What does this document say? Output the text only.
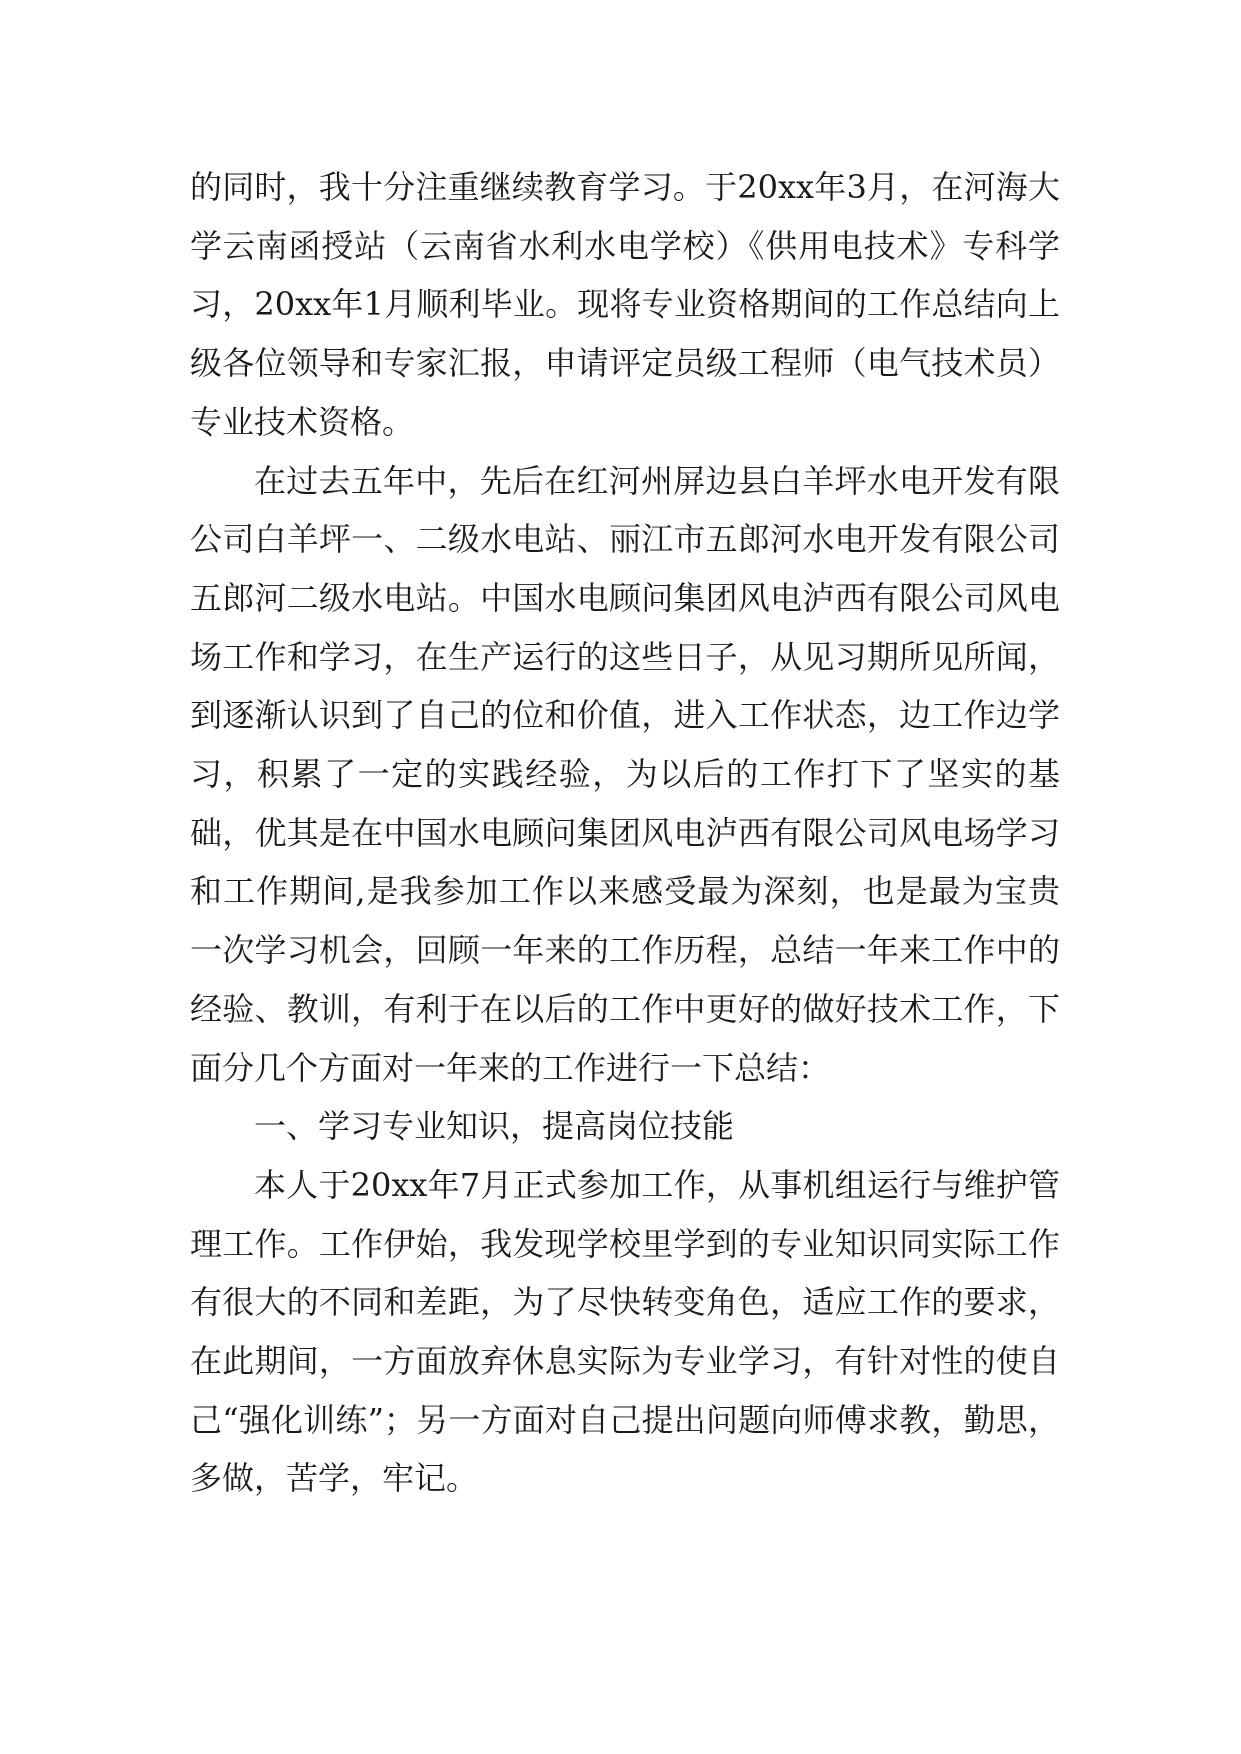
的同时，我十分注重继续教育学习。于20xx年3月，在河海大学云南函授站（云南省水利水电学校）《供用电技术》专科学习，20xx年1月顺利毕业。现将专业资格期间的工作总结向上级各位领导和专家汇报，申请评定员级工程师（电气技术员）专业技术资格。

在过去五年中，先后在红河州屏边县白羊坪水电开发有限公司白羊坪一、二级水电站、丽江市五郎河水电开发有限公司五郎河二级水电站。中国水电顾问集团风电泸西有限公司风电场工作和学习，在生产运行的这些日子，从见习期所见所闻，到逐渐认识到了自己的位和价值，进入工作状态，边工作边学习，积累了一定的实践经验，为以后的工作打下了坚实的基础，优其是在中国水电顾问集团风电泸西有限公司风电场学习和工作期间,是我参加工作以来感受最为深刻，也是最为宝贵一次学习机会，回顾一年来的工作历程，总结一年来工作中的经验、教训，有利于在以后的工作中更好的做好技术工作，下面分几个方面对一年来的工作进行一下总结：

一、学习专业知识，提高岗位技能

本人于20xx年7月正式参加工作，从事机组运行与维护管理工作。工作伊始，我发现学校里学到的专业知识同实际工作有很大的不同和差距，为了尽快转变角色，适应工作的要求，在此期间，一方面放弃休息实际为专业学习，有针对性的使自己“强化训练”；另一方面对自己提出问题向师傅求教，勤思，多做，苦学，牢记。
